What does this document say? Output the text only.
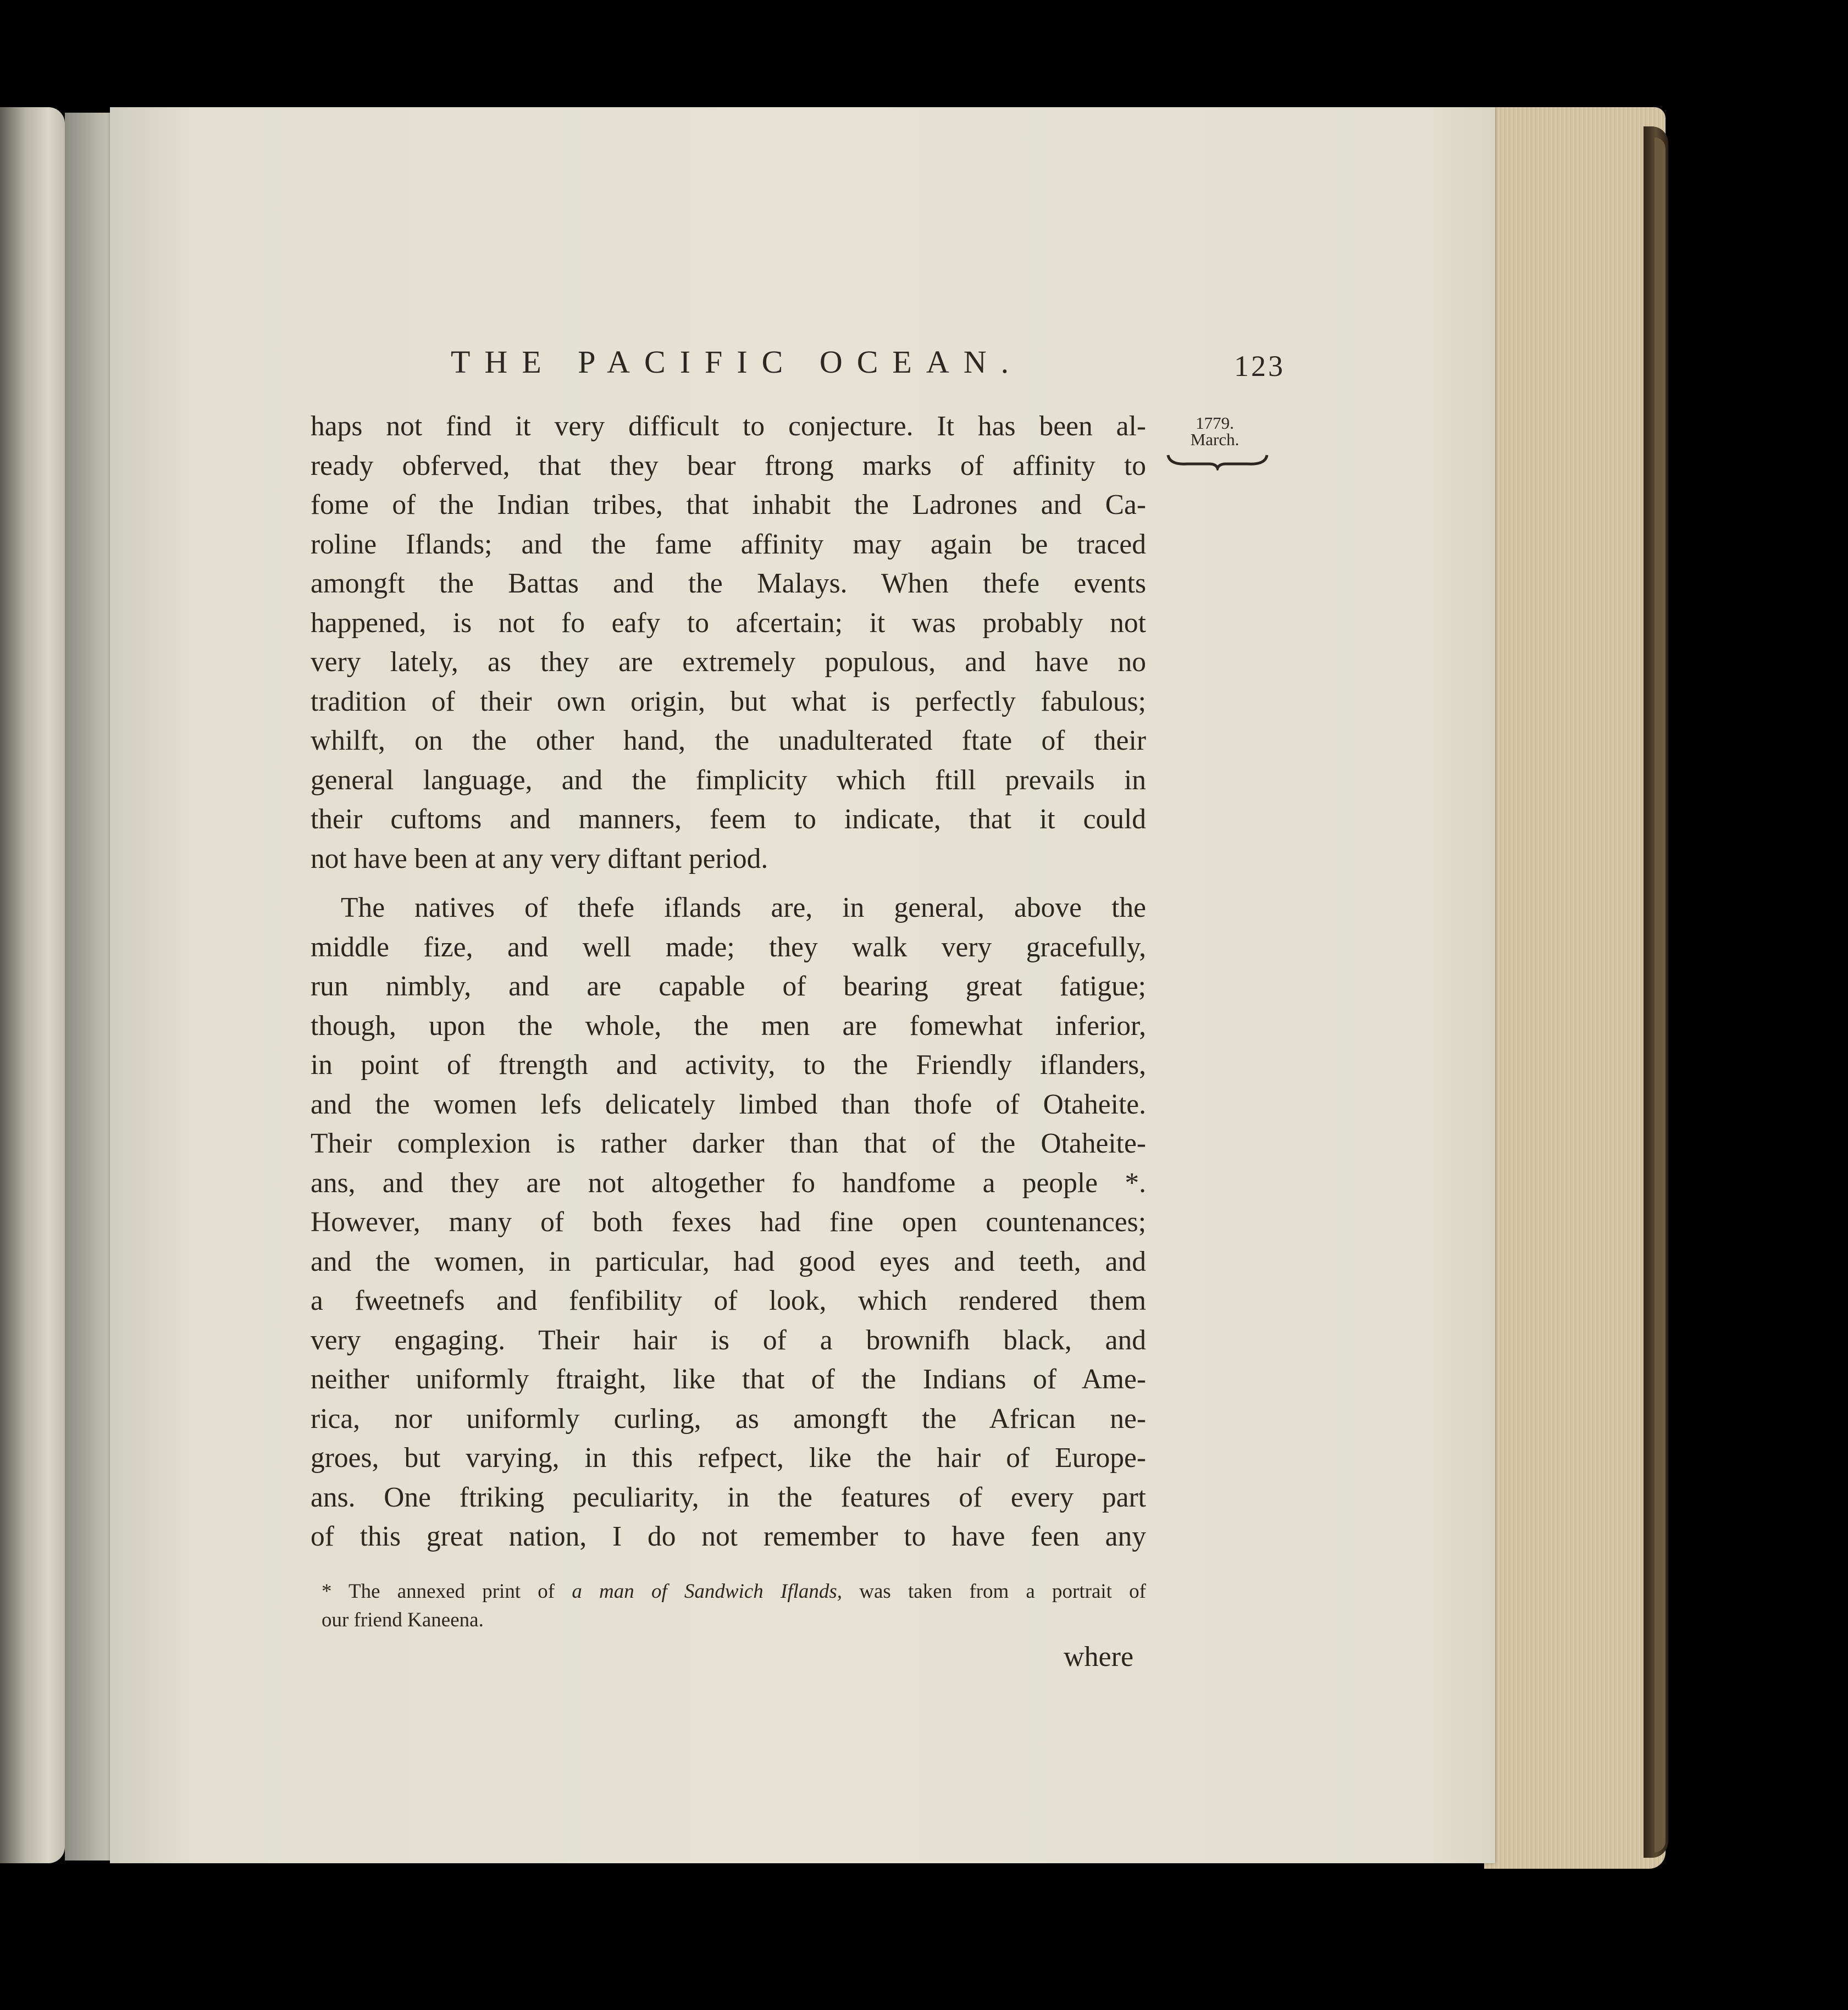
THE PACIFIC OCEAN.	123
1779.
March.
haps not find it very difficult to conjecture. It has been al-
ready obferved, that they bear ftrong marks of affinity to
fome of the Indian tribes, that inhabit the Ladrones and Ca-
roline Iflands; and the fame affinity may again be traced
amongft the Battas and the Malays. When thefe events
happened, is not fo eafy to afcertain; it was probably not
very lately, as they are extremely populous, and have no
tradition of their own origin, but what is perfectly fabulous;
whilft, on the other hand, the unadulterated ftate of their
general language, and the fimplicity which ftill prevails in
their cuftoms and manners, feem to indicate, that it could
not have been at any very diftant period.
The natives of thefe iflands are, in general, above the
middle fize, and well made; they walk very gracefully,
run nimbly, and are capable of bearing great fatigue;
though, upon the whole, the men are fomewhat inferior,
in point of ftrength and activity, to the Friendly iflanders,
and the women lefs delicately limbed than thofe of Otaheite.
Their complexion is rather darker than that of the Otaheite-
ans, and they are not altogether fo handfome a people *.
However, many of both fexes had fine open countenances;
and the women, in particular, had good eyes and teeth, and
a fweetnefs and fenfibility of look, which rendered them
very engaging. Their hair is of a brownifh black, and
neither uniformly ftraight, like that of the Indians of Ame-
rica, nor uniformly curling, as amongft the African ne-
groes, but varying, in this refpect, like the hair of Europe-
ans. One ftriking peculiarity, in the features of every part
of this great nation, I do not remember to have feen any
* The annexed print of a man of Sandwich Iflands, was taken from a portrait of
our friend Kaneena.
where
